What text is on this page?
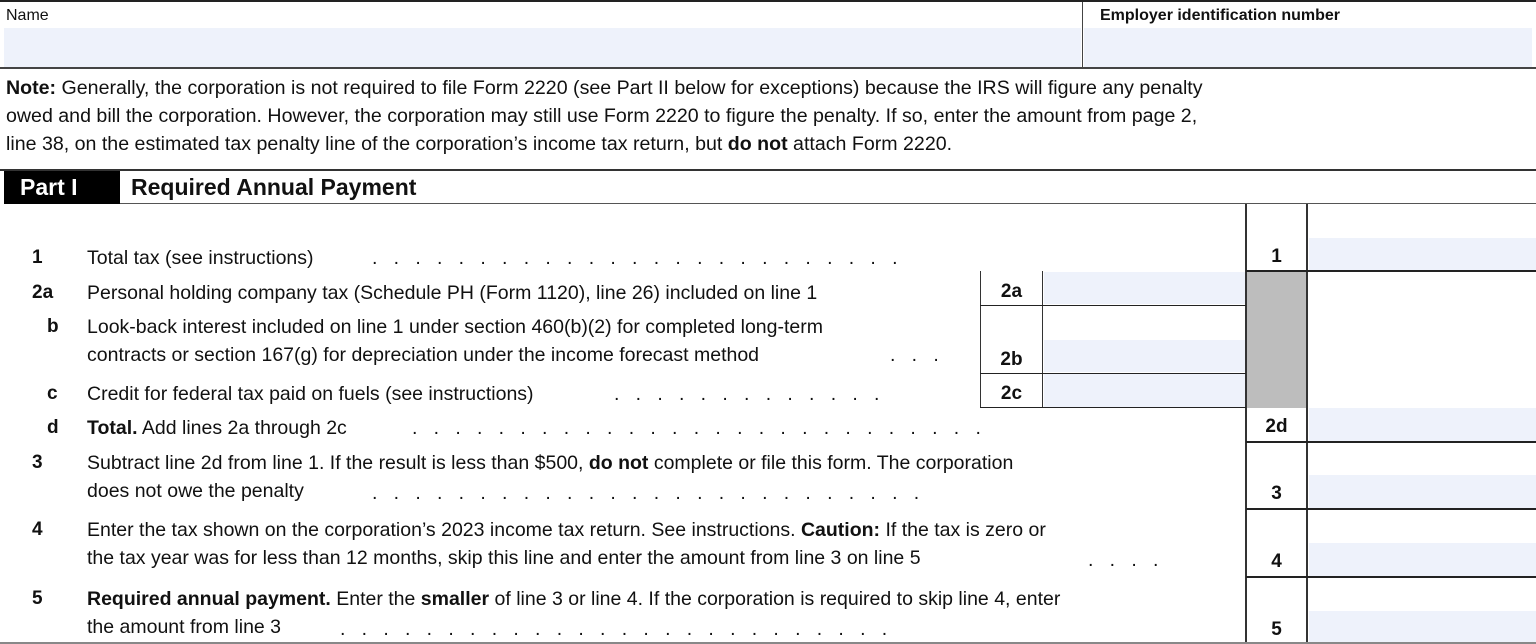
Name	Employer identification number
Note: Generally, the corporation is not required to file Form 2220 (see Part II below for exceptions) because the IRS will figure any penalty
owed and bill the corporation. However, the corporation may still use Form 2220 to figure the penalty. If so, enter the amount from page 2,
line 38, on the estimated tax penalty line of the corporation’s income tax return, but do not attach Form 2220.
Part I Required Annual Payment
1 Total tax (see instructions)	.   .   .   .   .   .   .   .   .   .   .   .   .   .   .   .   .   .   .   .   .   .   .   .   .	1
2a Personal holding company tax (Schedule PH (Form 1120), line 26) included on line 1	2a
b Look-back interest included on line 1 under section 460(b)(2) for completed long-term
contracts or section 167(g) for depreciation under the income forecast method	.   .   .	2b
c Credit for federal tax paid on fuels (see instructions)	.   .   .   .   .   .   .   .   .   .   .   .   .	2c
d Total. Add lines 2a through 2c	.   .   .   .   .   .   .   .   .   .   .   .   .   .   .   .   .   .   .   .   .   .   .   .   .   .   .	2d
3 Subtract line 2d from line 1. If the result is less than $500, do not complete or file this form. The corporation
does not owe the penalty	.   .   .   .   .   .   .   .   .   .   .   .   .   .   .   .   .   .   .   .   .   .   .   .   .   .	3
4 Enter the tax shown on the corporation’s 2023 income tax return. See instructions. Caution: If the tax is zero or
the tax year was for less than 12 months, skip this line and enter the amount from line 3 on line 5	.   .   .   .	4
5 Required annual payment. Enter the smaller of line 3 or line 4. If the corporation is required to skip line 4, enter
the amount from line 3	.   .   .   .   .   .   .   .   .   .   .   .   .   .   .   .   .   .   .   .   .   .   .   .   .   .	5
